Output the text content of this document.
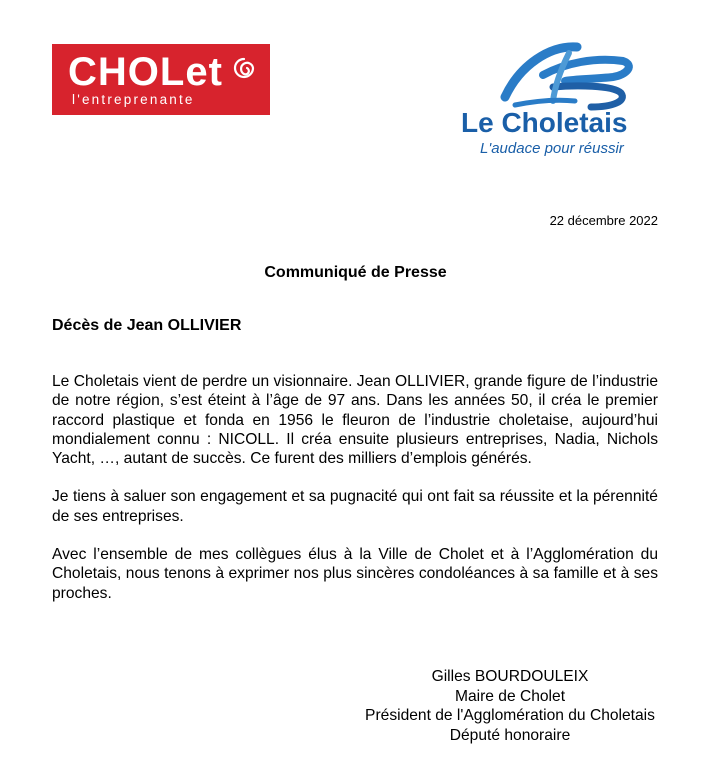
CHOLet
l'entreprenante
Le Choletais
L'audace pour réussir
22 décembre 2022
Communiqué de Presse
Décès de Jean OLLIVIER

Le Choletais vient de perdre un visionnaire. Jean OLLIVIER, grande figure de l’industrie de notre région, s’est éteint à l’âge de 97 ans. Dans les années 50, il créa le premier raccord plastique et fonda en 1956 le fleuron de l’industrie choletaise, aujourd’hui mondialement connu : NICOLL. Il créa ensuite plusieurs entreprises, Nadia, Nichols Yacht, …, autant de succès. Ce furent des milliers d’emplois générés.

Je tiens à saluer son engagement et sa pugnacité qui ont fait sa réussite et la pérennité de ses entreprises.

Avec l’ensemble de mes collègues élus à la Ville de Cholet et à l’Agglomération du Choletais, nous tenons à exprimer nos plus sincères condoléances à sa famille et à ses proches.

Gilles BOURDOULEIX
Maire de Cholet
Président de l'Agglomération du Choletais
Député honoraire
